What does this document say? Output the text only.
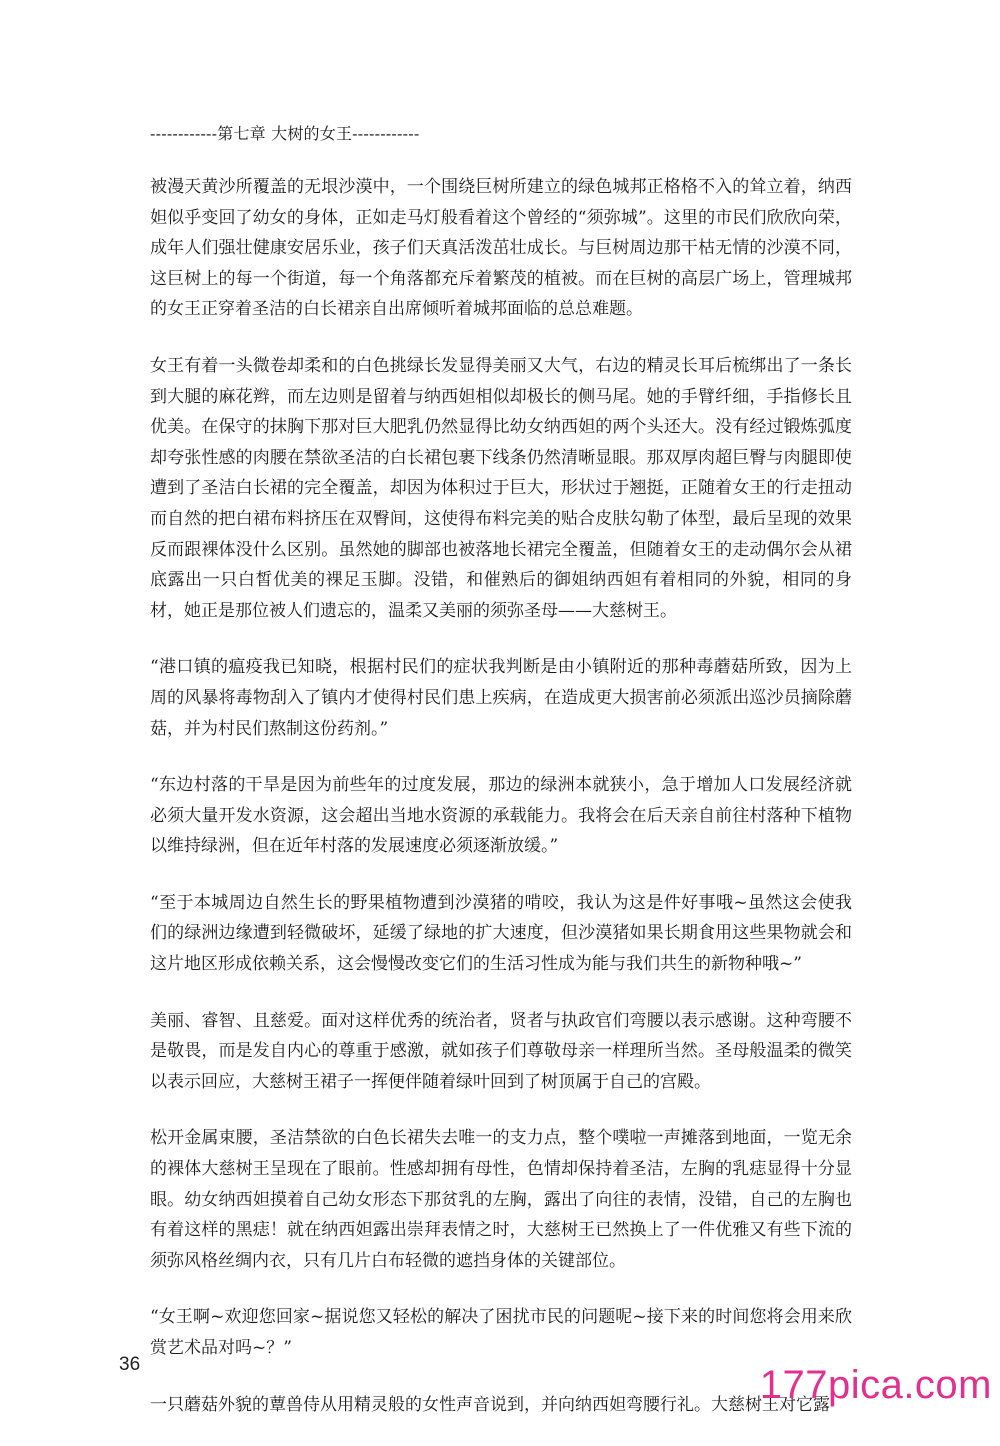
------------第七章 大树的女王------------

被漫天黄沙所覆盖的无垠沙漠中，一个围绕巨树所建立的绿色城邦正格格不入的耸立着，纳西妲似乎变回了幼女的身体，正如走马灯般看着这个曾经的“须弥城”。这里的市民们欣欣向荣，成年人们强壮健康安居乐业，孩子们天真活泼茁壮成长。与巨树周边那干枯无情的沙漠不同，这巨树上的每一个街道，每一个角落都充斥着繁茂的植被。而在巨树的高层广场上，管理城邦的女王正穿着圣洁的白长裙亲自出席倾听着城邦面临的总总难题。

女王有着一头微卷却柔和的白色挑绿长发显得美丽又大气，右边的精灵长耳后梳绑出了一条长到大腿的麻花辫，而左边则是留着与纳西妲相似却极长的侧马尾。她的手臂纤细，手指修长且优美。在保守的抹胸下那对巨大肥乳仍然显得比幼女纳西妲的两个头还大。没有经过锻炼弧度却夸张性感的肉腰在禁欲圣洁的白长裙包裹下线条仍然清晰显眼。那双厚肉超巨臀与肉腿即使遭到了圣洁白长裙的完全覆盖，却因为体积过于巨大，形状过于翘挺，正随着女王的行走扭动而自然的把白裙布料挤压在双臀间，这使得布料完美的贴合皮肤勾勒了体型，最后呈现的效果反而跟裸体没什么区别。虽然她的脚部也被落地长裙完全覆盖，但随着女王的走动偶尔会从裙底露出一只白皙优美的裸足玉脚。没错，和催熟后的御姐纳西妲有着相同的外貌，相同的身材，她正是那位被人们遗忘的，温柔又美丽的须弥圣母——大慈树王。

“港口镇的瘟疫我已知晓，根据村民们的症状我判断是由小镇附近的那种毒蘑菇所致，因为上周的风暴将毒物刮入了镇内才使得村民们患上疾病，在造成更大损害前必须派出巡沙员摘除蘑菇，并为村民们熬制这份药剂。”

“东边村落的干旱是因为前些年的过度发展，那边的绿洲本就狭小，急于增加人口发展经济就必须大量开发水资源，这会超出当地水资源的承载能力。我将会在后天亲自前往村落种下植物以维持绿洲，但在近年村落的发展速度必须逐渐放缓。”

“至于本城周边自然生长的野果植物遭到沙漠猪的啃咬，我认为这是件好事哦~虽然这会使我们的绿洲边缘遭到轻微破坏，延缓了绿地的扩大速度，但沙漠猪如果长期食用这些果物就会和这片地区形成依赖关系，这会慢慢改变它们的生活习性成为能与我们共生的新物种哦~”

美丽、睿智、且慈爱。面对这样优秀的统治者，贤者与执政官们弯腰以表示感谢。这种弯腰不是敬畏，而是发自内心的尊重于感激，就如孩子们尊敬母亲一样理所当然。圣母般温柔的微笑以表示回应，大慈树王裙子一挥便伴随着绿叶回到了树顶属于自己的宫殿。

松开金属束腰，圣洁禁欲的白色长裙失去唯一的支力点，整个噗啦一声摊落到地面，一览无余的裸体大慈树王呈现在了眼前。性感却拥有母性，色情却保持着圣洁，左胸的乳痣显得十分显眼。幼女纳西妲摸着自己幼女形态下那贫乳的左胸，露出了向往的表情，没错，自己的左胸也有着这样的黑痣！就在纳西妲露出崇拜表情之时，大慈树王已然换上了一件优雅又有些下流的须弥风格丝绸内衣，只有几片白布轻微的遮挡身体的关键部位。

“女王啊~欢迎您回家~据说您又轻松的解决了困扰市民的问题呢~接下来的时间您将会用来欣赏艺术品对吗~？”

一只蘑菇外貌的蕈兽侍从用精灵般的女性声音说到，并向纳西妲弯腰行礼。大慈树王对它露

36	177pica.com
